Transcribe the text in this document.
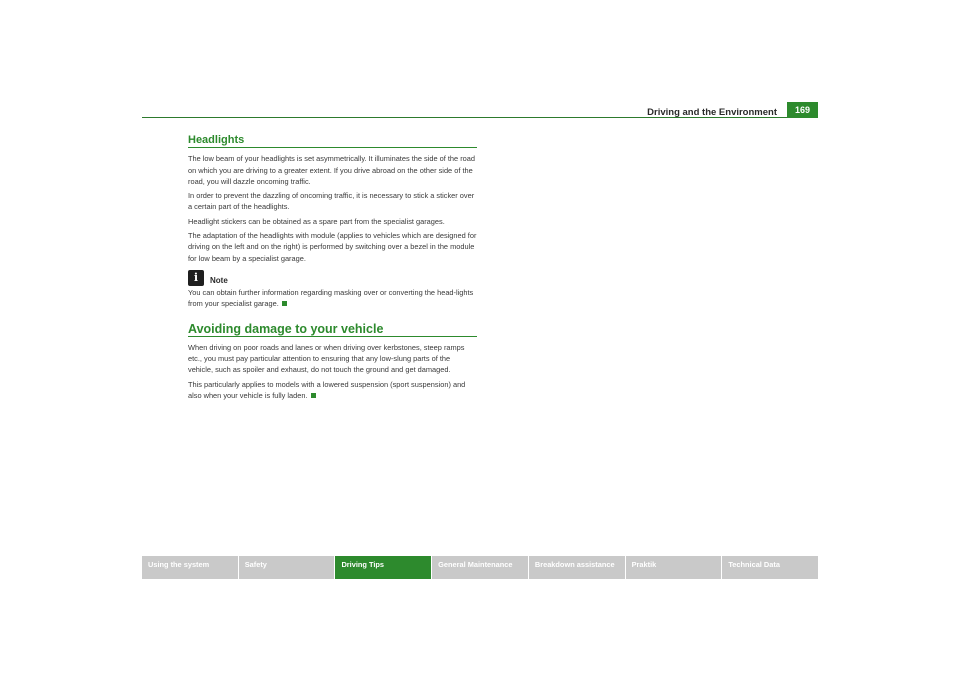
Driving and the Environment	169
Headlights

The low beam of your headlights is set asymmetrically. It illuminates the side of the road on which you are driving to a greater extent. If you drive abroad on the other side of the road, you will dazzle oncoming traffic.

In order to prevent the dazzling of oncoming traffic, it is necessary to stick a sticker over a certain part of the headlights.

Headlight stickers can be obtained as a spare part from the specialist garages.

The adaptation of the headlights with module (applies to vehicles which are designed for driving on the left and on the right) is performed by switching over a bezel in the module for low beam by a specialist garage.

i	Note

You can obtain further information regarding masking over or converting the head-lights from your specialist garage.

Avoiding damage to your vehicle

When driving on poor roads and lanes or when driving over kerbstones, steep ramps etc., you must pay particular attention to ensuring that any low-slung parts of the vehicle, such as spoiler and exhaust, do not touch the ground and get damaged.

This particularly applies to models with a lowered suspension (sport suspension) and also when your vehicle is fully laden.

Using the system	Safety	Driving Tips	General Maintenance	Breakdown assistance	Praktik	Technical Data
